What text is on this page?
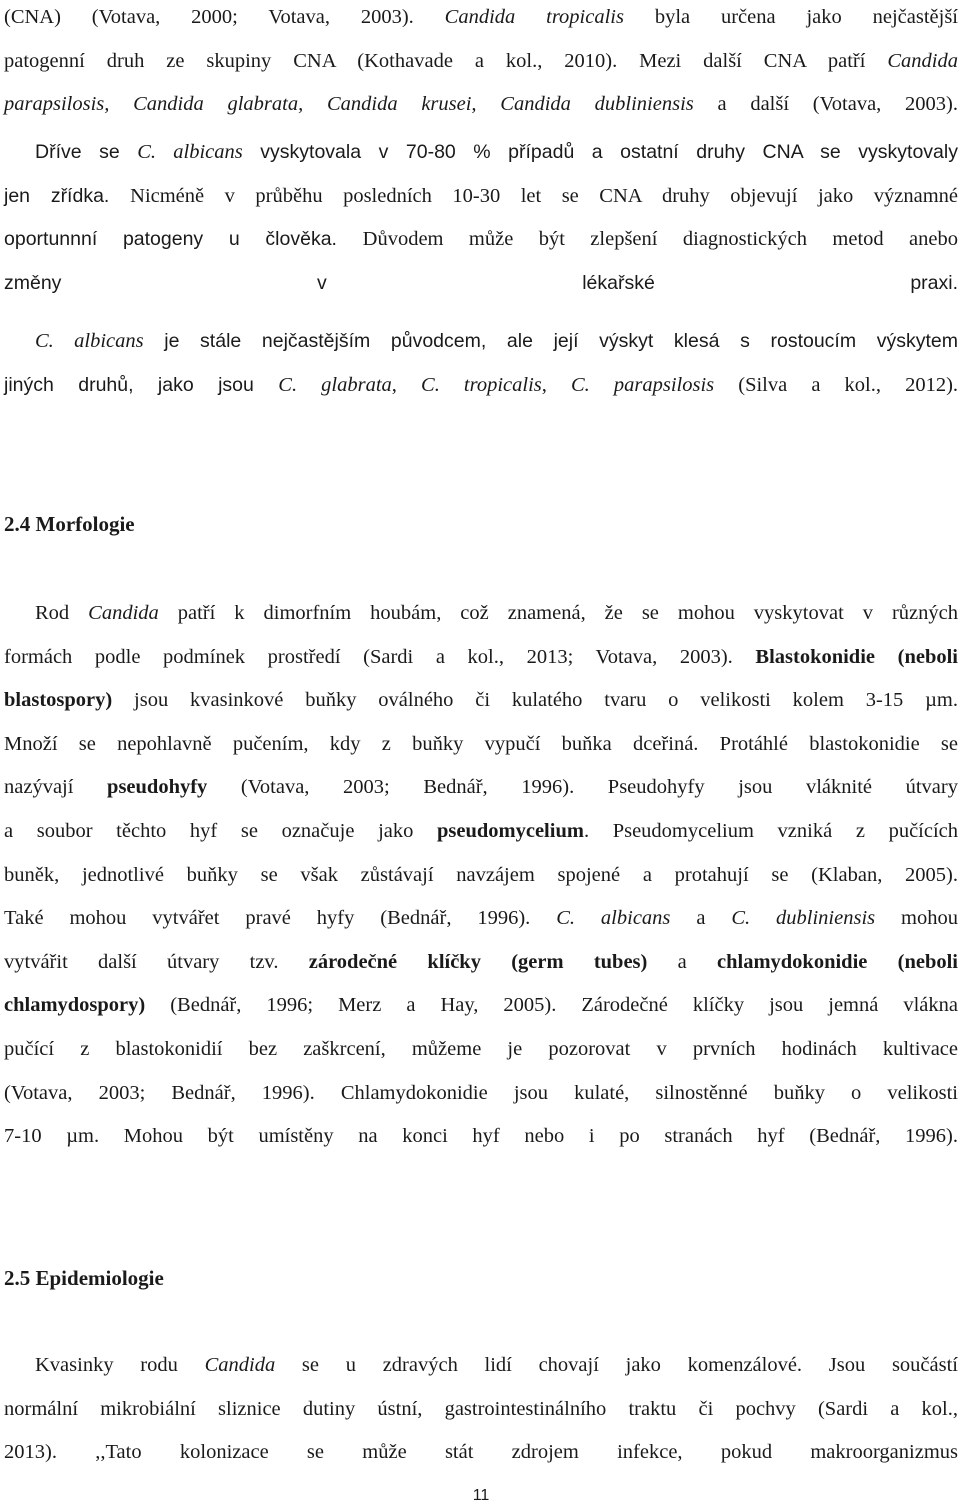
(CNA) (Votava, 2000; Votava, 2003). Candida tropicalis byla určena jako nejčastější
patogenní druh ze skupiny CNA (Kothavade a kol., 2010). Mezi další CNA patří Candida
parapsilosis, Candida glabrata, Candida krusei, Candida dubliniensis a další (Votava, 2003).
Dříve se C. albicans vyskytovala v 70-80 % případů a ostatní druhy CNA se vyskytovaly
jen zřídka. Nicméně v průběhu posledních 10-30 let se CNA druhy objevují jako významné
oportunnní patogeny u člověka. Důvodem může být zlepšení diagnostických metod anebo
změny v lékařské praxi.
C. albicans je stále nejčastějším původcem, ale její výskyt klesá s rostoucím výskytem
jiných druhů, jako jsou C. glabrata, C. tropicalis, C. parapsilosis (Silva a kol., 2012).
2.4 Morfologie
Rod Candida patří k dimorfním houbám, což znamená, že se mohou vyskytovat v různých
formách podle podmínek prostředí (Sardi a kol., 2013; Votava, 2003). Blastokonidie (neboli
blastospory) jsou kvasinkové buňky oválného či kulatého tvaru o velikosti kolem 3-15 µm.
Množí se nepohlavně pučením, kdy z buňky vypučí buňka dceřiná. Protáhlé blastokonidie se
nazývají pseudohyfy (Votava, 2003; Bednář, 1996). Pseudohyfy jsou vláknité útvary
a soubor těchto hyf se označuje jako pseudomycelium. Pseudomycelium vzniká z pučících
buněk, jednotlivé buňky se však zůstávají navzájem spojené a protahují se (Klaban, 2005).
Také mohou vytvářet pravé hyfy (Bednář, 1996). C. albicans a C. dubliniensis mohou
vytvářit další útvary tzv. zárodečné klíčky (germ tubes) a chlamydokonidie (neboli
chlamydospory) (Bednář, 1996; Merz a Hay, 2005). Zárodečné klíčky jsou jemná vlákna
pučící z blastokonidií bez zaškrcení, můžeme je pozorovat v prvních hodinách kultivace
(Votava, 2003; Bednář, 1996). Chlamydokonidie jsou kulaté, silnostěnné buňky o velikosti
7-10 µm. Mohou být umístěny na konci hyf nebo i po stranách hyf (Bednář, 1996).
2.5 Epidemiologie
Kvasinky rodu Candida se u zdravých lidí chovají jako komenzálové. Jsou součástí
normální mikrobiální sliznice dutiny ústní, gastrointestinálního traktu či pochvy (Sardi a kol.,
2013). ,,Tato kolonizace se může stát zdrojem infekce, pokud makroorganizmus
11
